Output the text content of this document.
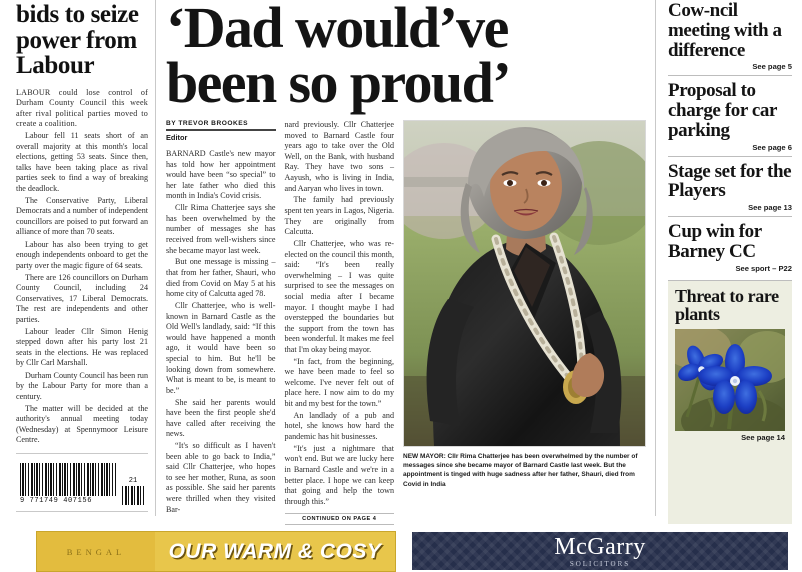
bids to seize power from Labour

LABOUR could lose control of Durham County Council this week after rival political parties moved to create a coalition.

Labour fell 11 seats short of an overall majority at this month's local elections, getting 53 seats. Since then, talks have been taking place as rival parties seek to find a way of breaking the deadlock.

The Conservative Party, Liberal Democrats and a number of independent councillors are poised to put forward an alliance of more than 70 seats.

Labour has also been trying to get enough independents onboard to get the party over the magic figure of 64 seats.

There are 126 councillors on Durham County Council, including 24 Conservatives, 17 Liberal Democrats. The rest are independents and other parties.

Labour leader Cllr Simon Henig stepped down after his party lost 21 seats in the elections. He was replaced by Cllr Carl Marshall.

Durham County Council has been run by the Labour Party for more than a century.

The matter will be decided at the authority's annual meeting today (Wednesday) at Spennymoor Leisure Centre.

9 771749 407156
21
‘Dad would’ve
been so proud’
BY TREVOR BROOKES
Editor

BARNARD Castle's new mayor has told how her appointment would have been “so special” to her late father who died this month in India's Covid crisis.

Cllr Rima Chatterjee says she has been overwhelmed by the number of messages she has received from well-wishers since she became mayor last week.

But one message is missing – that from her father, Shauri, who died from Covid on May 5 at his home city of Calcutta aged 78.

Cllr Chatterjee, who is well-known in Barnard Castle as the Old Well's landlady, said: “If this would have happened a month ago, it would have been so special to him. But he'll be looking down from somewhere. What is meant to be, is meant to be.”

She said her parents would have been the first people she'd have called after receiving the news.

“It's so difficult as I haven't been able to go back to India,” said Cllr Chatterjee, who hopes to see her mother, Runa, as soon as possible. She said her parents were thrilled when they visited Bar-

nard previously. Cllr Chatterjee moved to Barnard Castle four years ago to take over the Old Well, on the Bank, with husband Ray. They have two sons – Aayush, who is living in India, and Aaryan who lives in town.

The family had previously spent ten years in Lagos, Nigeria. They are originally from Calcutta.

Cllr Chatterjee, who was re-elected on the council this month, said: “It's been really overwhelming – I was quite surprised to see the messages on social media after I became mayor. I thought maybe I had overstepped the boundaries but the support from the town has been wonderful. It makes me feel that I'm okay being mayor.

“In fact, from the beginning, we have been made to feel so welcome. I've never felt out of place here. I now aim to do my bit and my best for the town.”

An landlady of a pub and hotel, she knows how hard the pandemic has hit businesses.

“It's just a nightmare that won't end. But we are lucky here in Barnard Castle and we're in a better place. I hope we can keep that going and help the town through this.”

CONTINUED ON PAGE 4
NEW MAYOR: Cllr Rima Chatterjee has been overwhelmed by the number of messages since she became mayor of Barnard Castle last week. But the appointment is tinged with huge sadness after her father, Shauri, died from Covid in India
Cow-ncil meeting with a difference
See page 5
Proposal to charge for car parking
See page 6
Stage set for the Players
See page 13
Cup win for Barney CC
See sport – P22
Threat to rare plants
See page 14
BENGAL	OUR WARM & COSY	McGarry
SOLICITORS
